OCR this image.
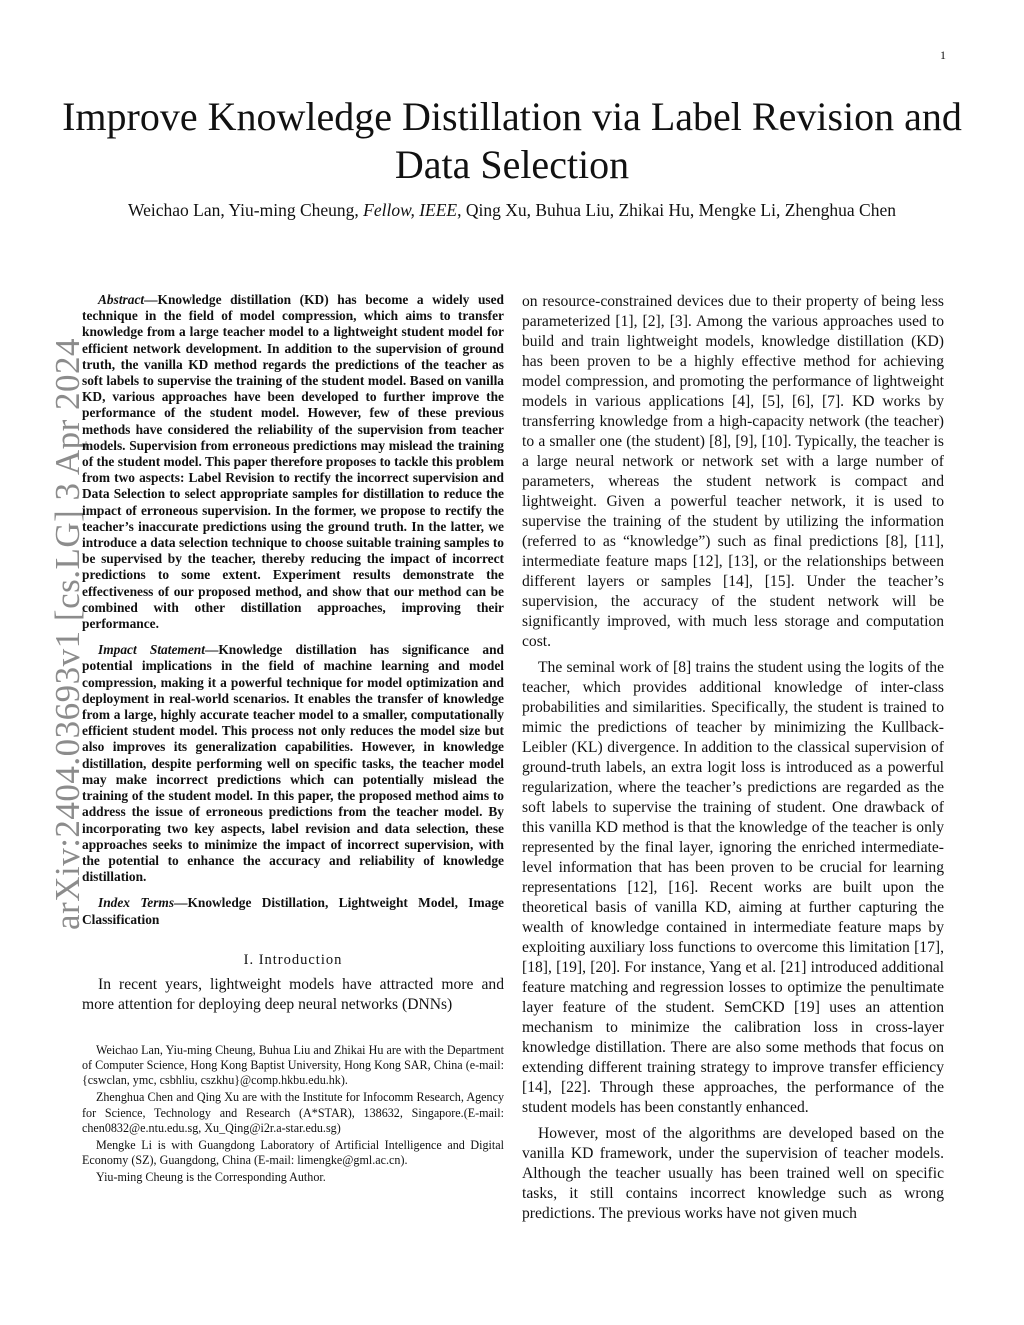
1
arXiv:2404.03693v1 [cs.LG] 3 Apr 2024
Improve Knowledge Distillation via Label Revision and Data Selection
Weichao Lan, Yiu-ming Cheung, Fellow, IEEE, Qing Xu, Buhua Liu, Zhikai Hu, Mengke Li, Zhenghua Chen

Abstract—Knowledge distillation (KD) has become a widely used technique in the field of model compression, which aims to transfer knowledge from a large teacher model to a lightweight student model for efficient network development. In addition to the supervision of ground truth, the vanilla KD method regards the predictions of the teacher as soft labels to supervise the training of the student model. Based on vanilla KD, various approaches have been developed to further improve the performance of the student model. However, few of these previous methods have considered the reliability of the supervision from teacher models. Supervision from erroneous predictions may mislead the training of the student model. This paper therefore proposes to tackle this problem from two aspects: Label Revision to rectify the incorrect supervision and Data Selection to select appropriate samples for distillation to reduce the impact of erroneous supervision. In the former, we propose to rectify the teacher’s inaccurate predictions using the ground truth. In the latter, we introduce a data selection technique to choose suitable training samples to be supervised by the teacher, thereby reducing the impact of incorrect predictions to some extent. Experiment results demonstrate the effectiveness of our proposed method, and show that our method can be combined with other distillation approaches, improving their performance.

Impact Statement—Knowledge distillation has significance and potential implications in the field of machine learning and model compression, making it a powerful technique for model optimization and deployment in real-world scenarios. It enables the transfer of knowledge from a large, highly accurate teacher model to a smaller, computationally efficient student model. This process not only reduces the model size but also improves its generalization capabilities. However, in knowledge distillation, despite performing well on specific tasks, the teacher model may make incorrect predictions which can potentially mislead the training of the student model. In this paper, the proposed method aims to address the issue of erroneous predictions from the teacher model. By incorporating two key aspects, label revision and data selection, these approaches seeks to minimize the impact of incorrect supervision, with the potential to enhance the accuracy and reliability of knowledge distillation.

Index Terms—Knowledge Distillation, Lightweight Model, Image Classification

I. Introduction

In recent years, lightweight models have attracted more and more attention for deploying deep neural networks (DNNs)

Weichao Lan, Yiu-ming Cheung, Buhua Liu and Zhikai Hu are with the Department of Computer Science, Hong Kong Baptist University, Hong Kong SAR, China (e-mail:{cswclan, ymc, csbhliu, cszkhu}@comp.hkbu.edu.hk).

Zhenghua Chen and Qing Xu are with the Institute for Infocomm Research, Agency for Science, Technology and Research (A*STAR), 138632, Singapore.(E-mail: chen0832@e.ntu.edu.sg, Xu_Qing@i2r.a-star.edu.sg)

Mengke Li is with Guangdong Laboratory of Artificial Intelligence and Digital Economy (SZ), Guangdong, China (E-mail: limengke@gml.ac.cn).

Yiu-ming Cheung is the Corresponding Author.

on resource-constrained devices due to their property of being less parameterized [1], [2], [3]. Among the various approaches used to build and train lightweight models, knowledge distillation (KD) has been proven to be a highly effective method for achieving model compression, and promoting the performance of lightweight models in various applications [4], [5], [6], [7]. KD works by transferring knowledge from a high-capacity network (the teacher) to a smaller one (the student) [8], [9], [10]. Typically, the teacher is a large neural network or network set with a large number of parameters, whereas the student network is compact and lightweight. Given a powerful teacher network, it is used to supervise the training of the student by utilizing the information (referred to as “knowledge”) such as final predictions [8], [11], intermediate feature maps [12], [13], or the relationships between different layers or samples [14], [15]. Under the teacher’s supervision, the accuracy of the student network will be significantly improved, with much less storage and computation cost.

The seminal work of [8] trains the student using the logits of the teacher, which provides additional knowledge of inter-class probabilities and similarities. Specifically, the student is trained to mimic the predictions of teacher by minimizing the Kullback-Leibler (KL) divergence. In addition to the classical supervision of ground-truth labels, an extra logit loss is introduced as a powerful regularization, where the teacher’s predictions are regarded as the soft labels to supervise the training of student. One drawback of this vanilla KD method is that the knowledge of the teacher is only represented by the final layer, ignoring the enriched intermediate-level information that has been proven to be crucial for learning representations [12], [16]. Recent works are built upon the theoretical basis of vanilla KD, aiming at further capturing the wealth of knowledge contained in intermediate feature maps by exploiting auxiliary loss functions to overcome this limitation [17], [18], [19], [20]. For instance, Yang et al. [21] introduced additional feature matching and regression losses to optimize the penultimate layer feature of the student. SemCKD [19] uses an attention mechanism to minimize the calibration loss in cross-layer knowledge distillation. There are also some methods that focus on extending different training strategy to improve transfer efficiency [14], [22]. Through these approaches, the performance of the student models has been constantly enhanced.

However, most of the algorithms are developed based on the vanilla KD framework, under the supervision of teacher models. Although the teacher usually has been trained well on specific tasks, it still contains incorrect knowledge such as wrong predictions. The previous works have not given much
